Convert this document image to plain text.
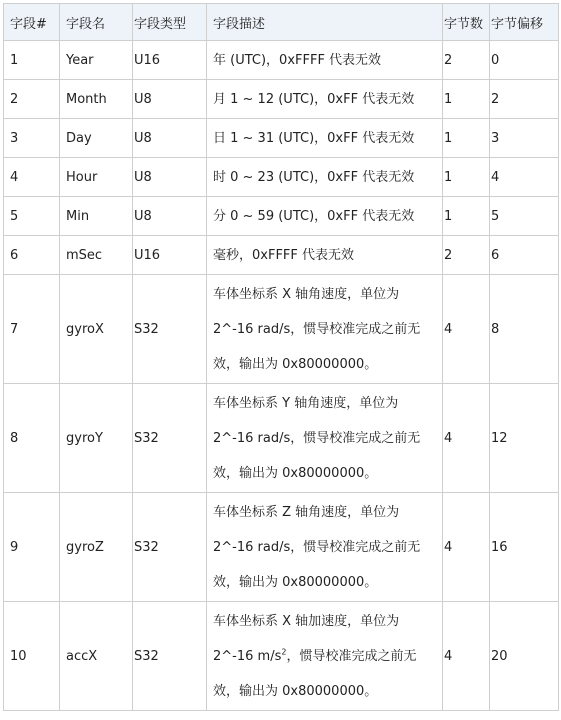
字段#	字段名	字段类型	字段描述	字节数	字节偏移
1	Year	U16	年 (UTC)，0xFFFF 代表无效	2	0
2	Month	U8	月 1 ~ 12 (UTC)，0xFF 代表无效	1	2
3	Day	U8	日 1 ~ 31 (UTC)，0xFF 代表无效	1	3
4	Hour	U8	时 0 ~ 23 (UTC)，0xFF 代表无效	1	4
5	Min	U8	分 0 ~ 59 (UTC)，0xFF 代表无效	1	5
6	mSec	U16	毫秒，0xFFFF 代表无效	2	6
7	gyroX	S32	车体坐标系 X 轴角速度，单位为
2^-16 rad/s，惯导校准完成之前无
效，输出为 0x80000000。	4	8
8	gyroY	S32	车体坐标系 Y 轴角速度，单位为
2^-16 rad/s，惯导校准完成之前无
效，输出为 0x80000000。	4	12
9	gyroZ	S32	车体坐标系 Z 轴角速度，单位为
2^-16 rad/s，惯导校准完成之前无
效，输出为 0x80000000。	4	16
10	accX	S32	车体坐标系 X 轴加速度，单位为
2^-16 $m/s^2$，惯导校准完成之前无
效，输出为 0x80000000。	4	20
